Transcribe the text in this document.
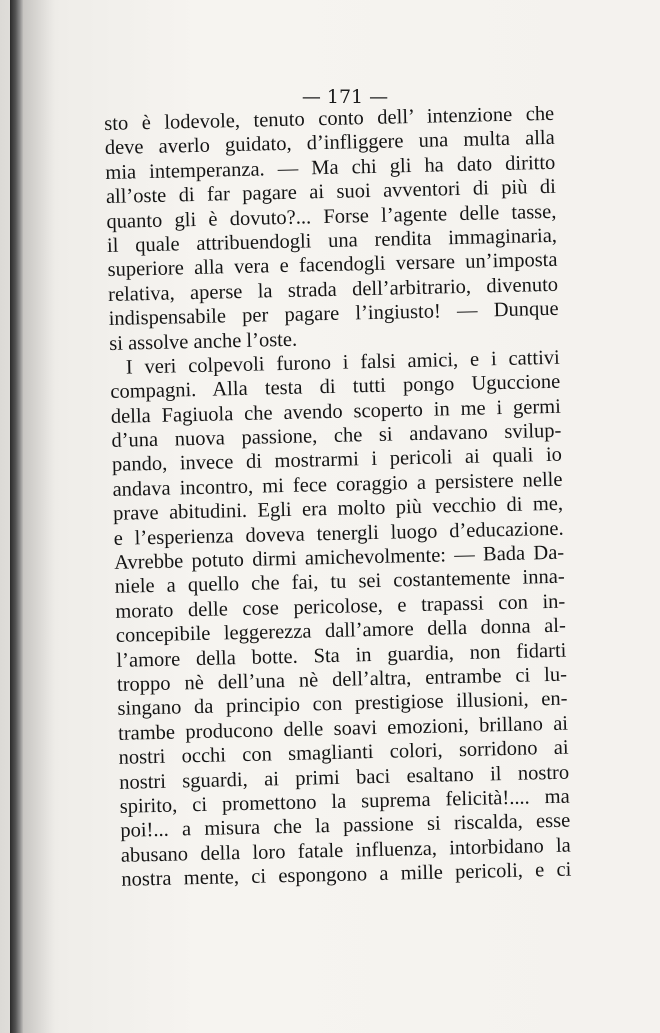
— 171 —
sto è lodevole, tenuto conto dell’ intenzione che
deve averlo guidato, d’infliggere una multa alla
mia intemperanza. — Ma chi gli ha dato diritto
all’oste di far pagare ai suoi avventori di più di
quanto gli è dovuto?... Forse l’agente delle tasse,
il quale attribuendogli una rendita immaginaria,
superiore alla vera e facendogli versare un’imposta
relativa, aperse la strada dell’arbitrario, divenuto
indispensabile per pagare l’ingiusto! — Dunque
si assolve anche l’oste.
I veri colpevoli furono i falsi amici, e i cattivi
compagni. Alla testa di tutti pongo Uguccione
della Fagiuola che avendo scoperto in me i germi
d’una nuova passione, che si andavano svilup-
pando, invece di mostrarmi i pericoli ai quali io
andava incontro, mi fece coraggio a persistere nelle
prave abitudini. Egli era molto più vecchio di me,
e l’esperienza doveva tenergli luogo d’educazione.
Avrebbe potuto dirmi amichevolmente: — Bada Da-
niele a quello che fai, tu sei costantemente inna-
morato delle cose pericolose, e trapassi con in-
concepibile leggerezza dall’amore della donna al-
l’amore della botte. Sta in guardia, non fidarti
troppo nè dell’una nè dell’altra, entrambe ci lu-
singano da principio con prestigiose illusioni, en-
trambe producono delle soavi emozioni, brillano ai
nostri occhi con smaglianti colori, sorridono ai
nostri sguardi, ai primi baci esaltano il nostro
spirito, ci promettono la suprema felicità!.... ma
poi!... a misura che la passione si riscalda, esse
abusano della loro fatale influenza, intorbidano la
nostra mente, ci espongono a mille pericoli, e ci
